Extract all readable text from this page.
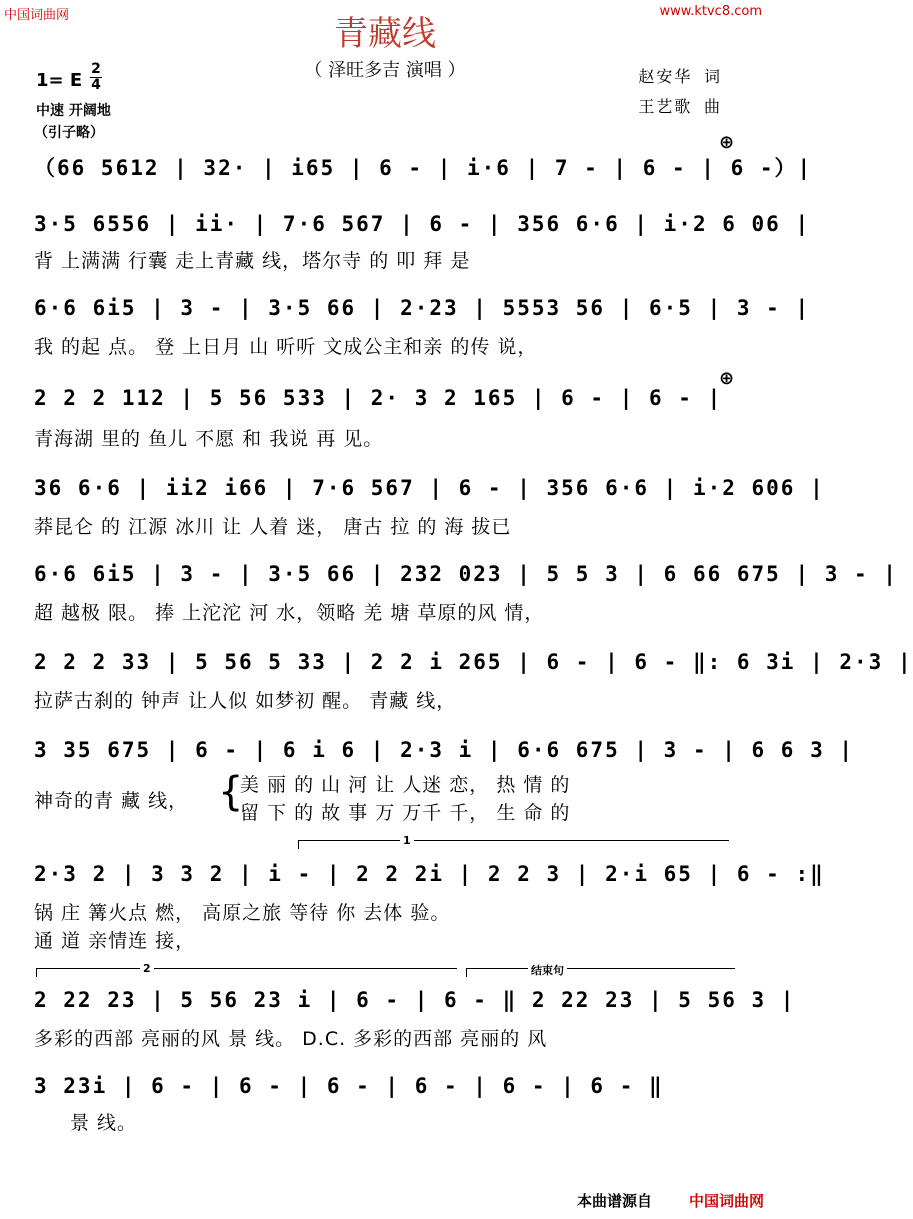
中国词曲网	www.ktvc8.com
青藏线
（ 泽旺多吉 演唱 ）
1= E
2
4
中速 开阔地
（引子略）
赵安华 词
王艺歌 曲
⊕
⊕
（66 5612 | 32· | i65 | 6 - | i·6 | 7 - | 6 - | 6 -）|
3·5 6556 | ii· | 7·6 567 | 6 - | 356 6·6 | i·2 6 06 |
背 上满满 行囊 走上青藏 线，塔尔寺 的 叩 拜 是
6·6 6i5 | 3 - | 3·5 66 | 2·23 | 5553 56 | 6·5 | 3 - |
我 的起 点。 登 上日月 山 听听 文成公主和亲 的传 说，
2 2 2 112 | 5 56 533 | 2· 3 2 165 | 6 - | 6 - |
青海湖 里的 鱼儿 不愿 和 我说 再 见。
36 6·6 | ii2 i66 | 7·6 567 | 6 - | 356 6·6 | i·2 606 |
莽昆仑 的 江源 冰川 让 人着 迷， 唐古 拉 的 海 拔已
6·6 6i5 | 3 - | 3·5 66 | 232 023 | 5 5 3 | 6 66 675 | 3 - |
超 越极 限。 捧 上沱沱 河 水，领略 羌 塘 草原的风 情，
2 2 2 33 | 5 56 5 33 | 2 2 i 265 | 6 - | 6 - ‖: 6 3i | 2·3 |
拉萨古刹的 钟声 让人似 如梦初 醒。 青藏 线，
3 35 675 | 6 - | 6 i 6 | 2·3 i | 6·6 675 | 3 - | 6 6 3 |
神奇的青 藏 线， {
美 丽 的 山 河 让 人迷 恋， 热 情 的
留 下 的 故 事 万 万千 千， 生 命 的
1
2·3 2 | 3 3 2 | i - | 2 2 2i | 2 2 3 | 2·i 65 | 6 - :‖
锅 庄 篝火点 燃， 高原之旅 等待 你 去体 验。
通 道 亲情连 接，
2	结束句
2 22 23 | 5 56 23 i | 6 - | 6 - ‖ 2 22 23 | 5 56 3 |
多彩的西部 亮丽的风 景 线。 D.C. 多彩的西部 亮丽的 风
3 23i | 6 - | 6 - | 6 - | 6 - | 6 - | 6 - ‖
景 线。
本曲谱源自 中国词曲网
